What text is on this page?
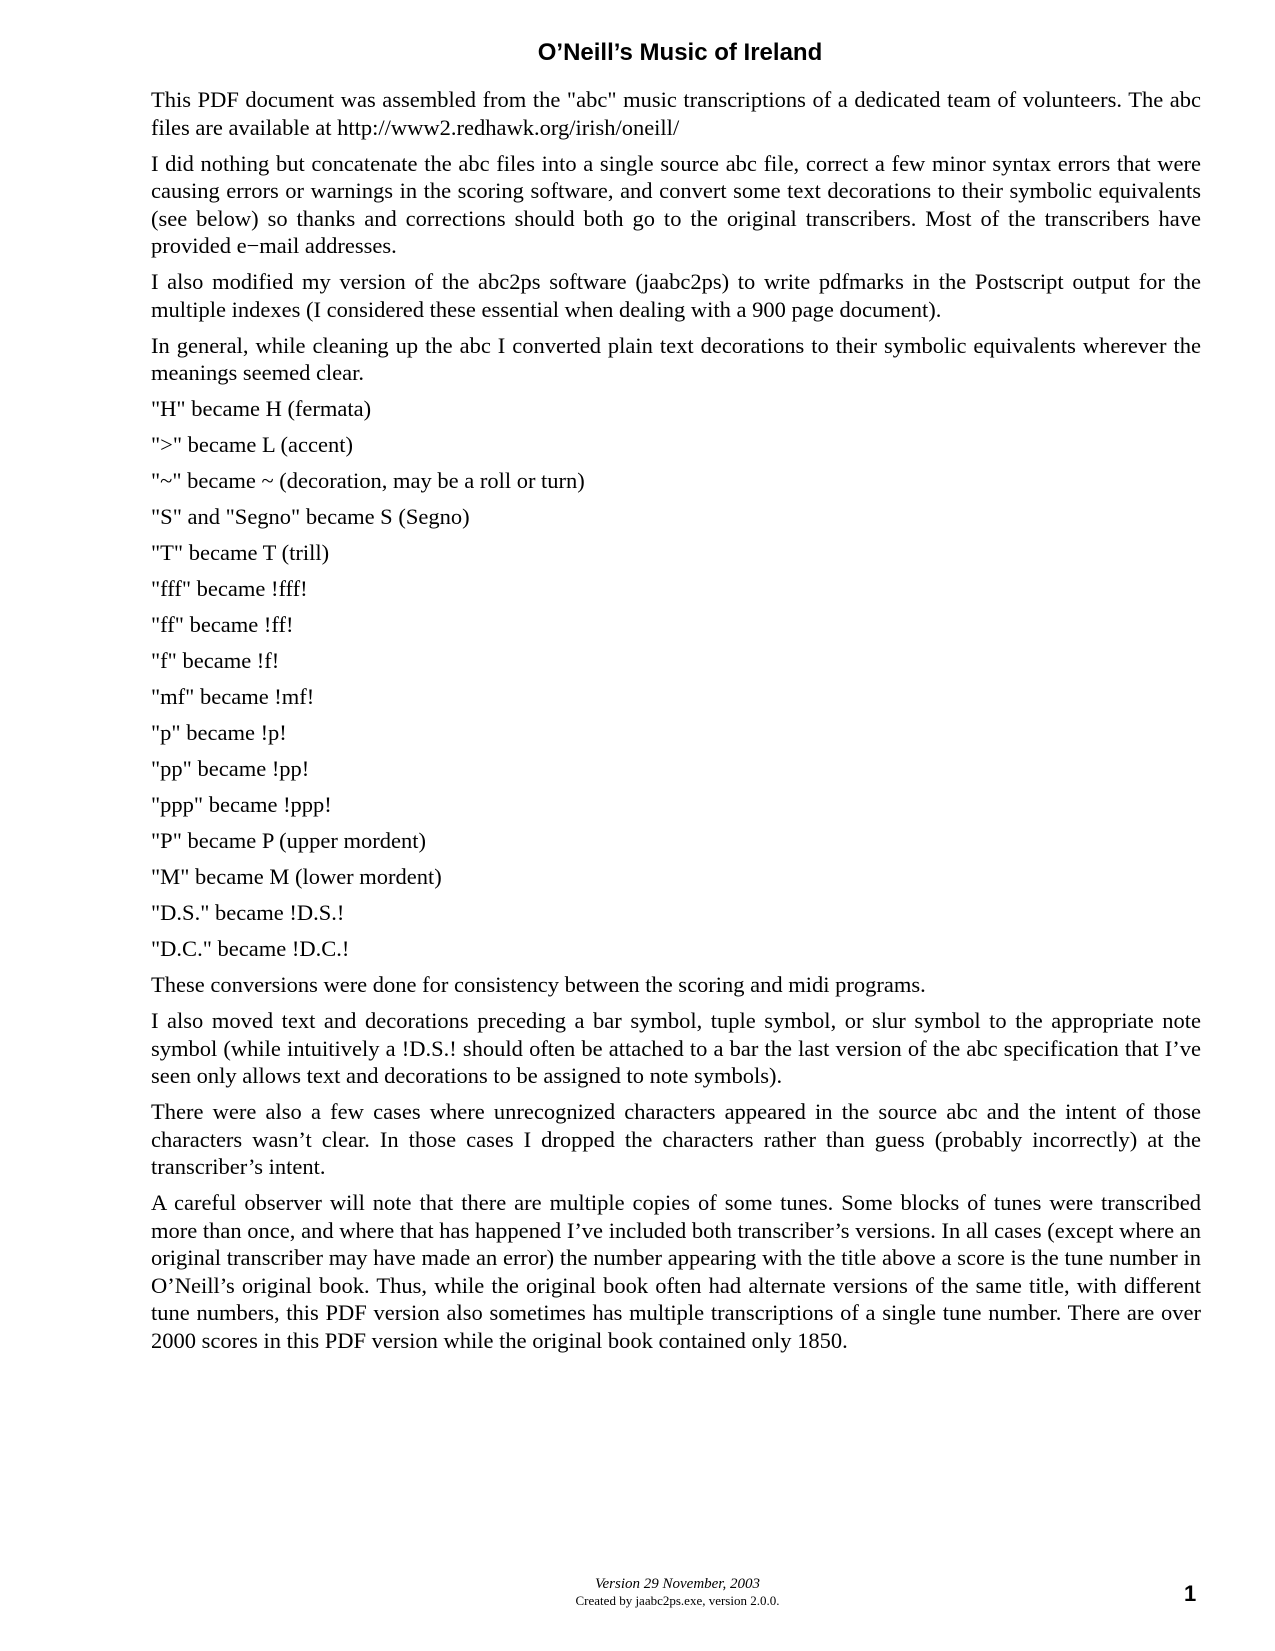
O’Neill’s Music of Ireland

This PDF document was assembled from the "abc" music transcriptions of a dedicated team of volunteers. The abc files are available at http://www2.redhawk.org/irish/oneill/

I did nothing but concatenate the abc files into a single source abc file, correct a few minor syntax errors that were causing errors or warnings in the scoring software, and convert some text decorations to their symbolic equivalents (see below) so thanks and corrections should both go to the original transcribers. Most of the transcribers have provided e−mail addresses.

I also modified my version of the abc2ps software (jaabc2ps) to write pdfmarks in the Postscript output for the multiple indexes (I considered these essential when dealing with a 900 page document).

In general, while cleaning up the abc I converted plain text decorations to their symbolic equivalents wherever the meanings seemed clear.

"H" became H (fermata)

">" became L (accent)

"~" became ~ (decoration, may be a roll or turn)

"S" and "Segno" became S (Segno)

"T" became T (trill)

"fff" became !fff!

"ff" became !ff!

"f" became !f!

"mf" became !mf!

"p" became !p!

"pp" became !pp!

"ppp" became !ppp!

"P" became P (upper mordent)

"M" became M (lower mordent)

"D.S." became !D.S.!

"D.C." became !D.C.!

These conversions were done for consistency between the scoring and midi programs.

I also moved text and decorations preceding a bar symbol, tuple symbol, or slur symbol to the appropriate note symbol (while intuitively a !D.S.! should often be attached to a bar the last version of the abc specification that I’ve seen only allows text and decorations to be assigned to note symbols).

There were also a few cases where unrecognized characters appeared in the source abc and the intent of those characters wasn’t clear. In those cases I dropped the characters rather than guess (probably incorrectly) at the transcriber’s intent.

A careful observer will note that there are multiple copies of some tunes. Some blocks of tunes were transcribed more than once, and where that has happened I’ve included both transcriber’s versions. In all cases (except where an original transcriber may have made an error) the number appearing with the title above a score is the tune number in O’Neill’s original book. Thus, while the original book often had alternate versions of the same title, with different tune numbers, this PDF version also sometimes has multiple transcriptions of a single tune number. There are over 2000 scores in this PDF version while the original book contained only 1850.

Version 29 November, 2003
Created by jaabc2ps.exe, version 2.0.0.	1
